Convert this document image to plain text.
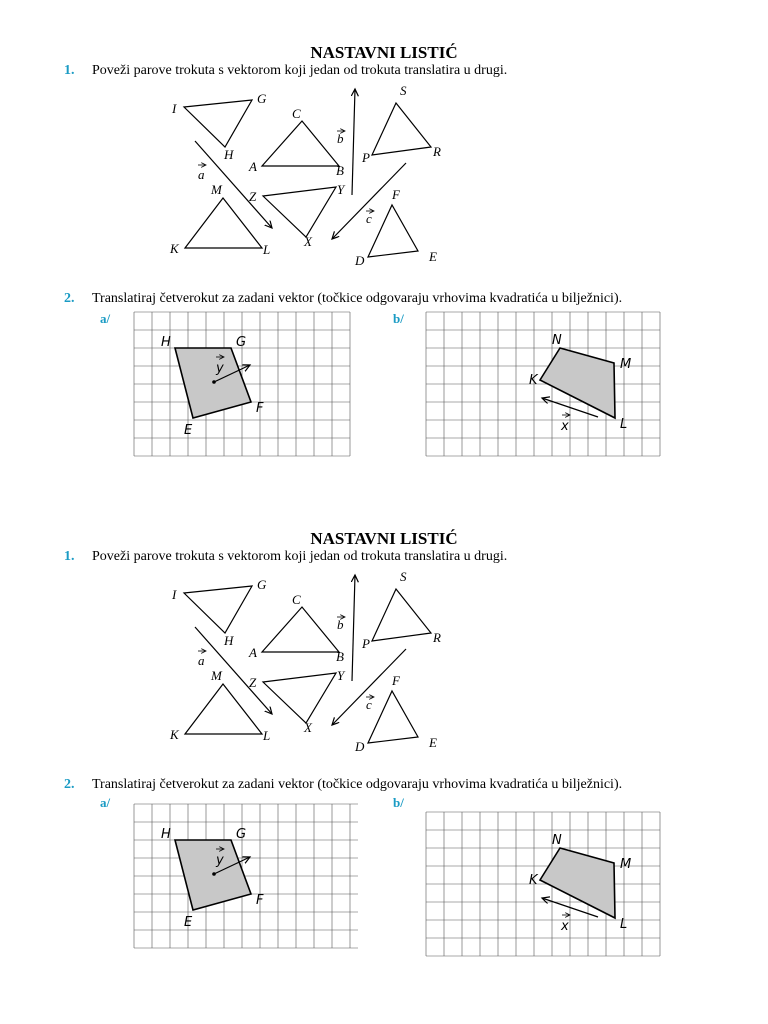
NASTAVNI LISTIĆ
1. Poveži parove trokuta s vektorom koji jedan od trokuta translatira u drugi.
I
G
H
C
A	B
S
P	R
M
K	L
Z	Y
X
F
D	E
a
b
c
2. Translatiraj četverokut za zadani vektor (točkice odgovaraju vrhovima kvadratića u bilježnici).
a/	b/
H	G
F
E
y
N
M
K
L
x
NASTAVNI LISTIĆ
1. Poveži parove trokuta s vektorom koji jedan od trokuta translatira u drugi.
I
G
H
C
A	B
S
P	R
M
K	L
Z	Y
X
F
D	E
a
b
c
2. Translatiraj četverokut za zadani vektor (točkice odgovaraju vrhovima kvadratića u bilježnici).
a/	b/
H	G
F
E
y
N
M
K
L
x
